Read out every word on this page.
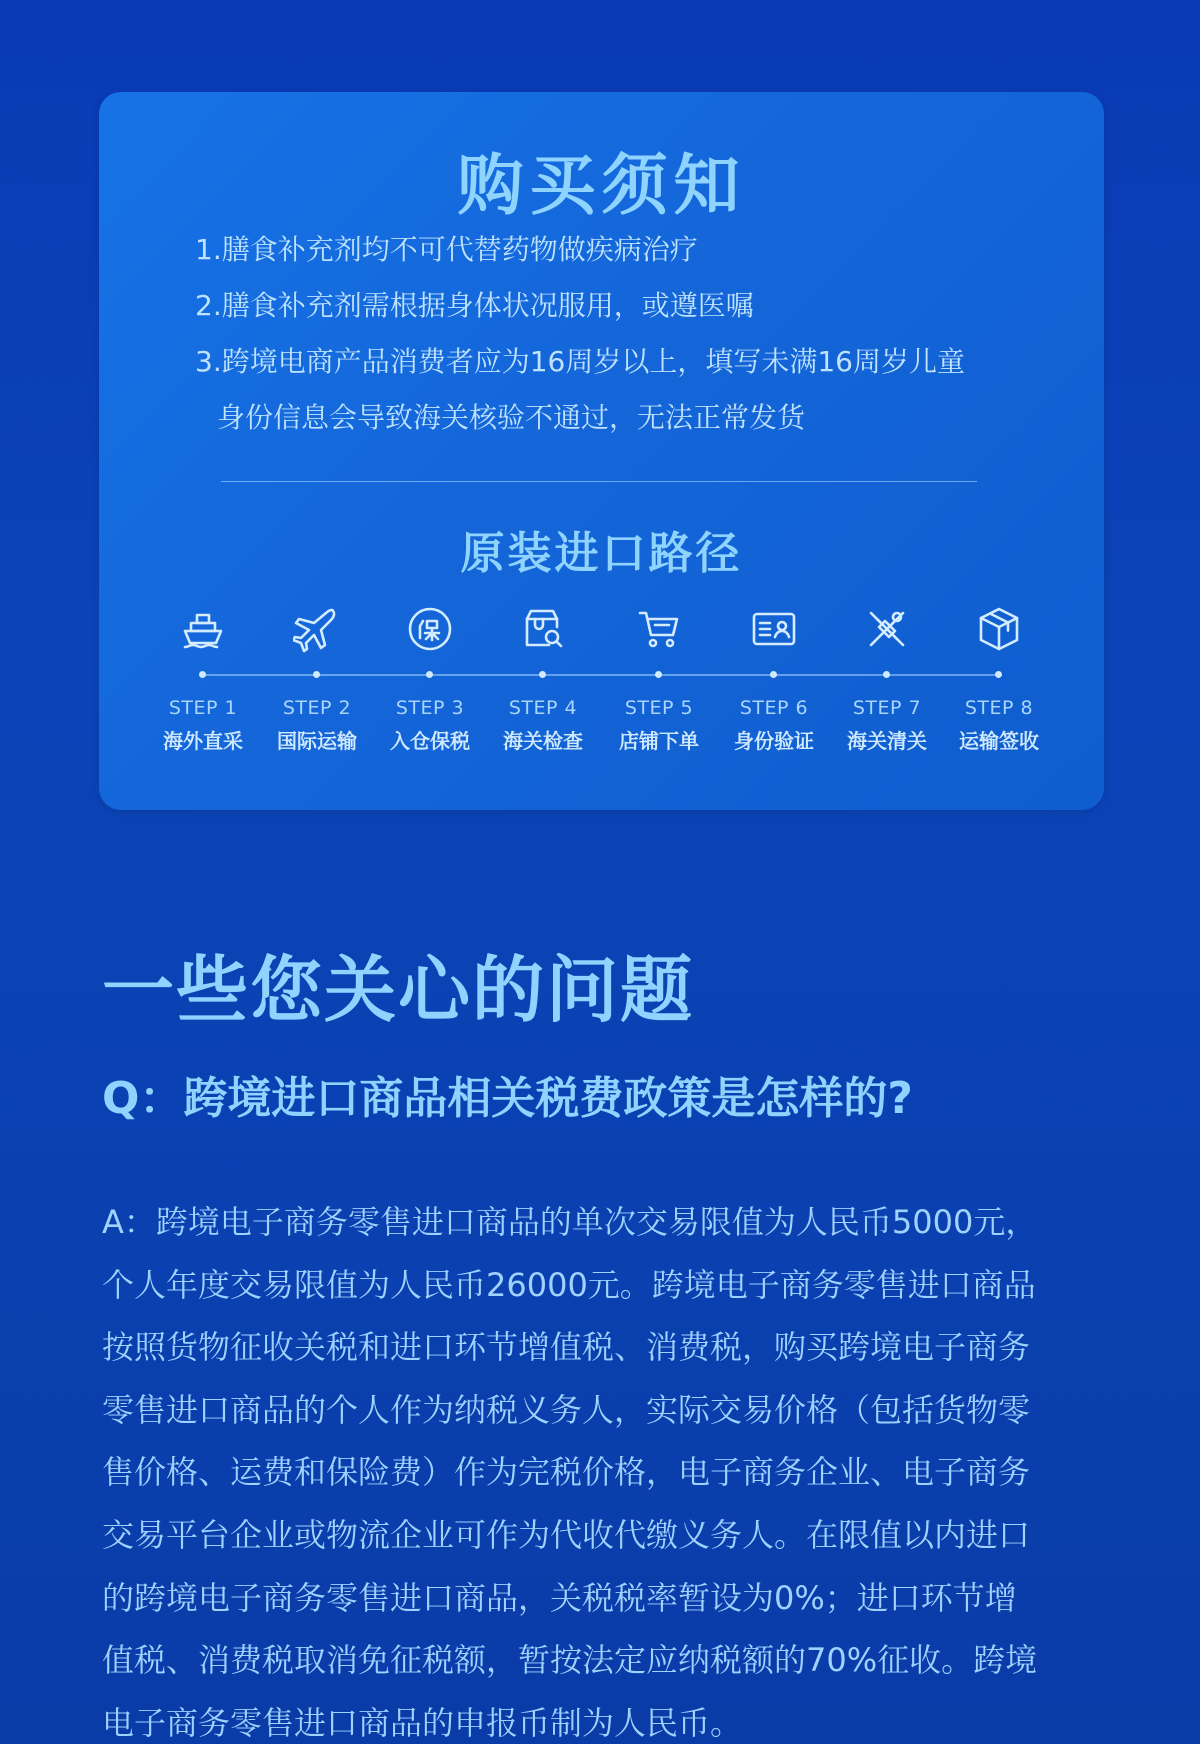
购买须知
1.膳食补充剂均不可代替药物做疾病治疗
2.膳食补充剂需根据身体状况服用，或遵医嘱
3.跨境电商产品消费者应为16周岁以上，填写未满16周岁儿童
身份信息会导致海关核验不通过，无法正常发货
原装进口路径
STEP 1
海外直采
STEP 2
国际运输
STEP 3
入仓保税
STEP 4
海关检查
STEP 5
店铺下单
STEP 6
身份验证
STEP 7
海关清关
STEP 8
运输签收
一些您关心的问题
Q：跨境进口商品相关税费政策是怎样的?
A：跨境电子商务零售进口商品的单次交易限值为人民币5000元，
个人年度交易限值为人民币26000元。跨境电子商务零售进口商品
按照货物征收关税和进口环节增值税、消费税，购买跨境电子商务
零售进口商品的个人作为纳税义务人，实际交易价格（包括货物零
售价格、运费和保险费）作为完税价格，电子商务企业、电子商务
交易平台企业或物流企业可作为代收代缴义务人。在限值以内进口
的跨境电子商务零售进口商品，关税税率暂设为0%；进口环节增
值税、消费税取消免征税额，暂按法定应纳税额的70%征收。跨境
电子商务零售进口商品的申报币制为人民币。
